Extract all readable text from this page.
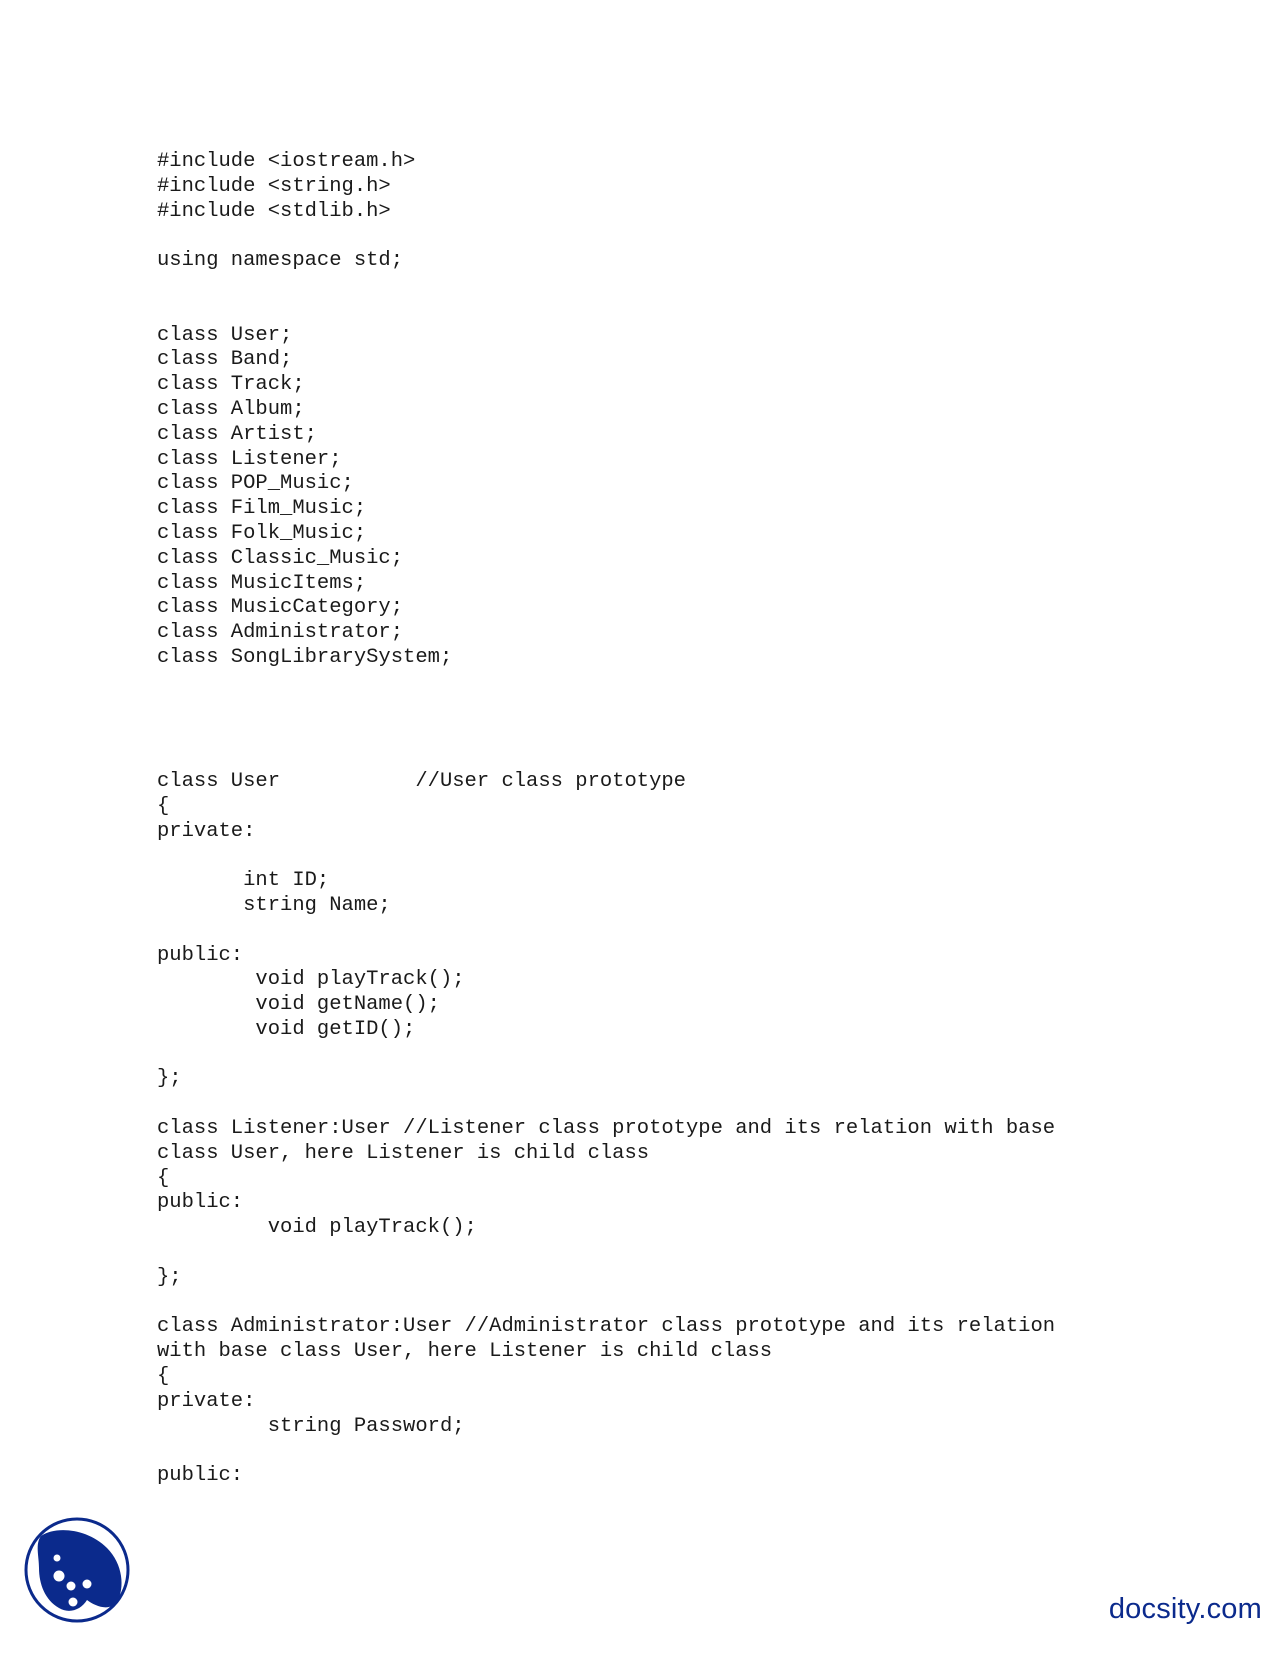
#include <iostream.h>
#include <string.h>
#include <stdlib.h>
using namespace std;
class User;
class Band;
class Track;
class Album;
class Artist;
class Listener;
class POP_Music;
class Film_Music;
class Folk_Music;
class Classic_Music;
class MusicItems;
class MusicCategory;
class Administrator;
class SongLibrarySystem;
class User           //User class prototype
{
private:
int ID;
string Name;
public:
void playTrack();
void getName();
void getID();
};
class Listener:User //Listener class prototype and its relation with base
class User, here Listener is child class
{
public:
void playTrack();
};
class Administrator:User //Administrator class prototype and its relation
with base class User, here Listener is child class
{
private:
string Password;
public:
docsity.com
